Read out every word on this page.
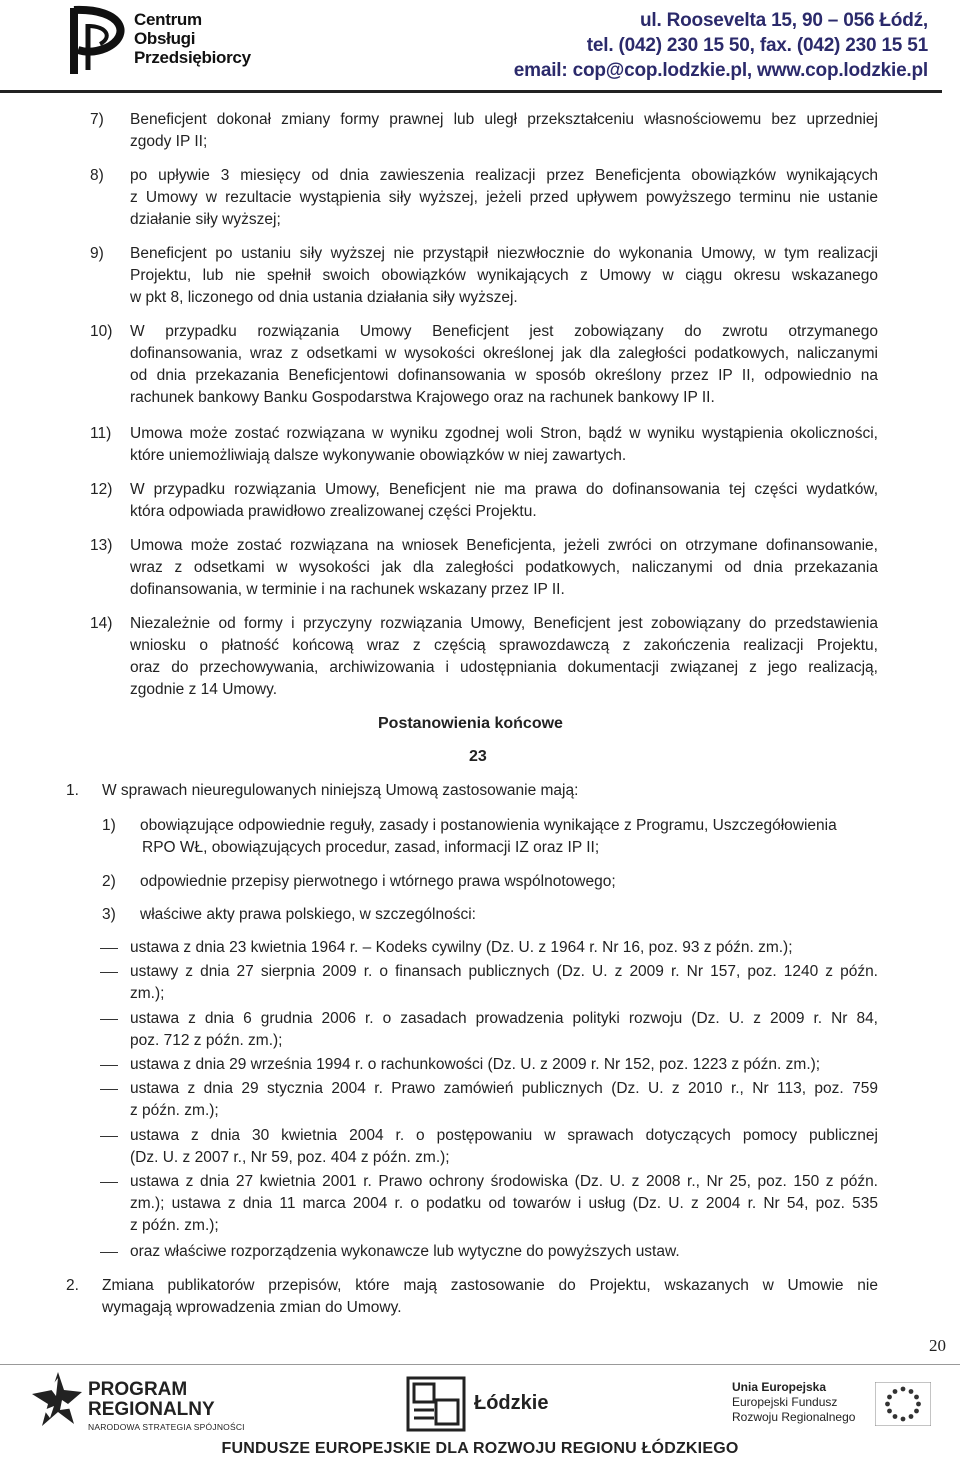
Centrum
Obsługi
Przedsiębiorcy
ul. Roosevelta 15, 90 – 056 Łódź,
tel. (042) 230 15 50, fax. (042) 230 15 51
email: cop@cop.lodzkie.pl, www.cop.lodzkie.pl
7) Beneficjent dokonał zmiany formy prawnej lub uległ przekształceniu własnościowemu bez uprzedniej
zgody IP II;
8) po upływie 3 miesięcy od dnia zawieszenia realizacji przez Beneficjenta obowiązków wynikających
z Umowy w rezultacie wystąpienia siły wyższej, jeżeli przed upływem powyższego terminu nie ustanie
działanie siły wyższej;
9) Beneficjent po ustaniu siły wyższej nie przystąpił niezwłocznie do wykonania Umowy, w tym realizacji
Projektu, lub nie spełnił swoich obowiązków wynikających z Umowy w ciągu okresu wskazanego
w pkt 8, liczonego od dnia ustania działania siły wyższej.
10) W przypadku rozwiązania Umowy Beneficjent jest zobowiązany do zwrotu otrzymanego
dofinansowania, wraz z odsetkami w wysokości określonej jak dla zaległości podatkowych, naliczanymi
od dnia przekazania Beneficjentowi dofinansowania w sposób określony przez IP II, odpowiednio na
rachunek bankowy Banku Gospodarstwa Krajowego oraz na rachunek bankowy IP II.
11) Umowa może zostać rozwiązana w wyniku zgodnej woli Stron, bądź w wyniku wystąpienia okoliczności,
które uniemożliwiają dalsze wykonywanie obowiązków w niej zawartych.
12) W przypadku rozwiązania Umowy, Beneficjent nie ma prawa do dofinansowania tej części wydatków,
która odpowiada prawidłowo zrealizowanej części Projektu.
13) Umowa może zostać rozwiązana na wniosek Beneficjenta, jeżeli zwróci on otrzymane dofinansowanie,
wraz z odsetkami w wysokości jak dla zaległości podatkowych, naliczanymi od dnia przekazania
dofinansowania, w terminie i na rachunek wskazany przez IP II.
14) Niezależnie od formy i przyczyny rozwiązania Umowy, Beneficjent jest zobowiązany do przedstawienia
wniosku o płatność końcową wraz z częścią sprawozdawczą z zakończenia realizacji Projektu,
oraz do przechowywania, archiwizowania i udostępniania dokumentacji związanej z jego realizacją,
zgodnie z 14 Umowy.
Postanowienia końcowe
23
1. W sprawach nieuregulowanych niniejszą Umową zastosowanie mają:
1) obowiązujące odpowiednie reguły, zasady i postanowienia wynikające z Programu, Uszczegółowienia
RPO WŁ, obowiązujących procedur, zasad, informacji IZ oraz IP II;
2) odpowiednie przepisy pierwotnego i wtórnego prawa wspólnotowego;
3) właściwe akty prawa polskiego, w szczególności:
ustawa z dnia 23 kwietnia 1964 r. – Kodeks cywilny (Dz. U. z 1964 r. Nr 16, poz. 93 z późn. zm.);
ustawy z dnia 27 sierpnia 2009 r. o finansach publicznych (Dz. U. z 2009 r. Nr 157, poz. 1240 z późn.
zm.);
ustawa z dnia 6 grudnia 2006 r. o zasadach prowadzenia polityki rozwoju (Dz. U. z 2009 r. Nr 84,
poz. 712 z późn. zm.);
ustawa z dnia 29 września 1994 r. o rachunkowości (Dz. U. z 2009 r. Nr 152, poz. 1223 z późn. zm.);
ustawa z dnia 29 stycznia 2004 r. Prawo zamówień publicznych (Dz. U. z 2010 r., Nr 113, poz. 759
z późn. zm.);
ustawa z dnia 30 kwietnia 2004 r. o postępowaniu w sprawach dotyczących pomocy publicznej
(Dz. U. z 2007 r., Nr 59, poz. 404 z późn. zm.);
ustawa z dnia 27 kwietnia 2001 r. Prawo ochrony środowiska (Dz. U. z 2008 r., Nr 25, poz. 150 z późn.
zm.); ustawa z dnia 11 marca 2004 r. o podatku od towarów i usług (Dz. U. z 2004 r. Nr 54, poz. 535
z późn. zm.);
oraz właściwe rozporządzenia wykonawcze lub wytyczne do powyższych ustaw.
2. Zmiana publikatorów przepisów, które mają zastosowanie do Projektu, wskazanych w Umowie nie
wymagają wprowadzenia zmian do Umowy.
20
PROGRAM
REGIONALNY
NARODOWA STRATEGIA SPÓJNOŚCI
Łódzkie
Unia Europejska
Europejski Fundusz
Rozwoju Regionalnego
FUNDUSZE EUROPEJSKIE DLA ROZWOJU REGIONU ŁÓDZKIEGO
